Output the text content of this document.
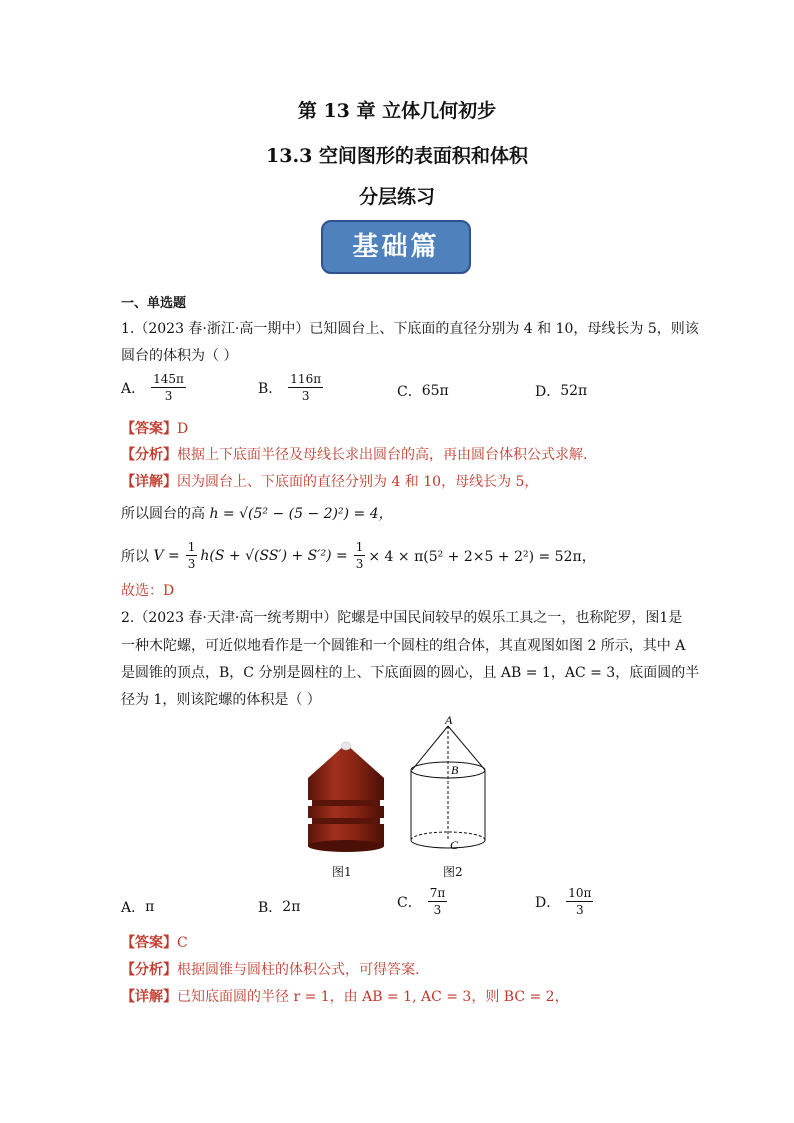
第 13 章 立体几何初步
13.3 空间图形的表面积和体积
分层练习
基础篇
一、单选题
1.（2023 春·浙江·高一期中）已知圆台上、下底面的直径分别为 4 和 10，母线长为 5，则该
圆台的体积为（ ）
A． $\frac{145\pi}{3}$	B． $\frac{116\pi}{3}$	C． 65π	D． 52π
【答案】D
【分析】根据上下底面半径及母线长求出圆台的高，再由圆台体积公式求解.
【详解】因为圆台上、下底面的直径分别为 4 和 10，母线长为 5，
所以圆台的高 h = √(5² − (5 − 2)²) = 4，
所以
$V = \frac{1}{3} h(S + √(SS') + S'^2) = \frac{1}{3} \times 4 \times \pi(5^2 + 2\times 5 + 2^2) = 52\pi$，
故选：D
2.（2023 春·天津·高一统考期中）陀螺是中国民间较早的娱乐工具之一，也称陀罗，图1是
一种木陀螺，可近似地看作是一个圆锥和一个圆柱的组合体，其直观图如图 2 所示，其中 A
是圆锥的顶点，B，C 分别是圆柱的上、下底面圆的圆心，且 AB = 1，AC = 3，底面圆的半
径为 1，则该陀螺的体积是（ ）
图1
A
B
C
图2
A． π	B． 2π	C． $\frac{7\pi}{3}$	D． $\frac{10\pi}{3}$
【答案】C
【分析】根据圆锥与圆柱的体积公式，可得答案.
【详解】已知底面圆的半径 r = 1，由 AB = 1, AC = 3，则 BC = 2，
